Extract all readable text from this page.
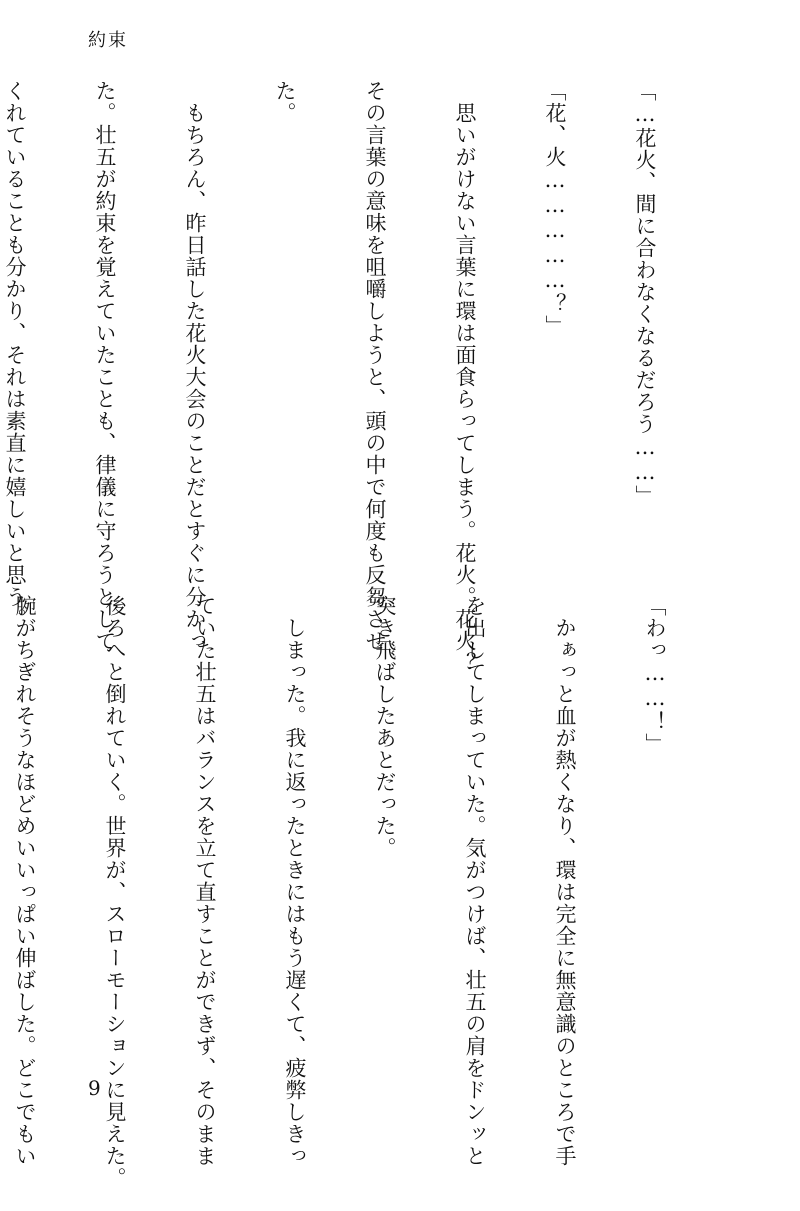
約束

「…花火、間に合わなくなるだろう……」

「花、火……………？」

　思いがけない言葉に環は面食らってしまう。花火。花火？

その言葉の意味を咀嚼しようと、頭の中で何度も反芻させ

た。

　もちろん、昨日話した花火大会のことだとすぐに分かっ

た。壮五が約束を覚えていたことも、律儀に守ろうとして

くれていることも分かり、それは素直に嬉しいと思う。

「わっ……！」

　かぁっと血が熱くなり、環は完全に無意識のところで手

を出してしまっていた。気がつけば、壮五の肩をドンッと

突き飛ばしたあとだった。

　しまった。我に返ったときにはもう遅くて、疲弊しきっ

ていた壮五はバランスを立て直すことができず、そのまま

後ろへと倒れていく。世界が、スローモーションに見えた。

腕がちぎれそうなほどめいいっぱい伸ばした。どこでもい

	9
